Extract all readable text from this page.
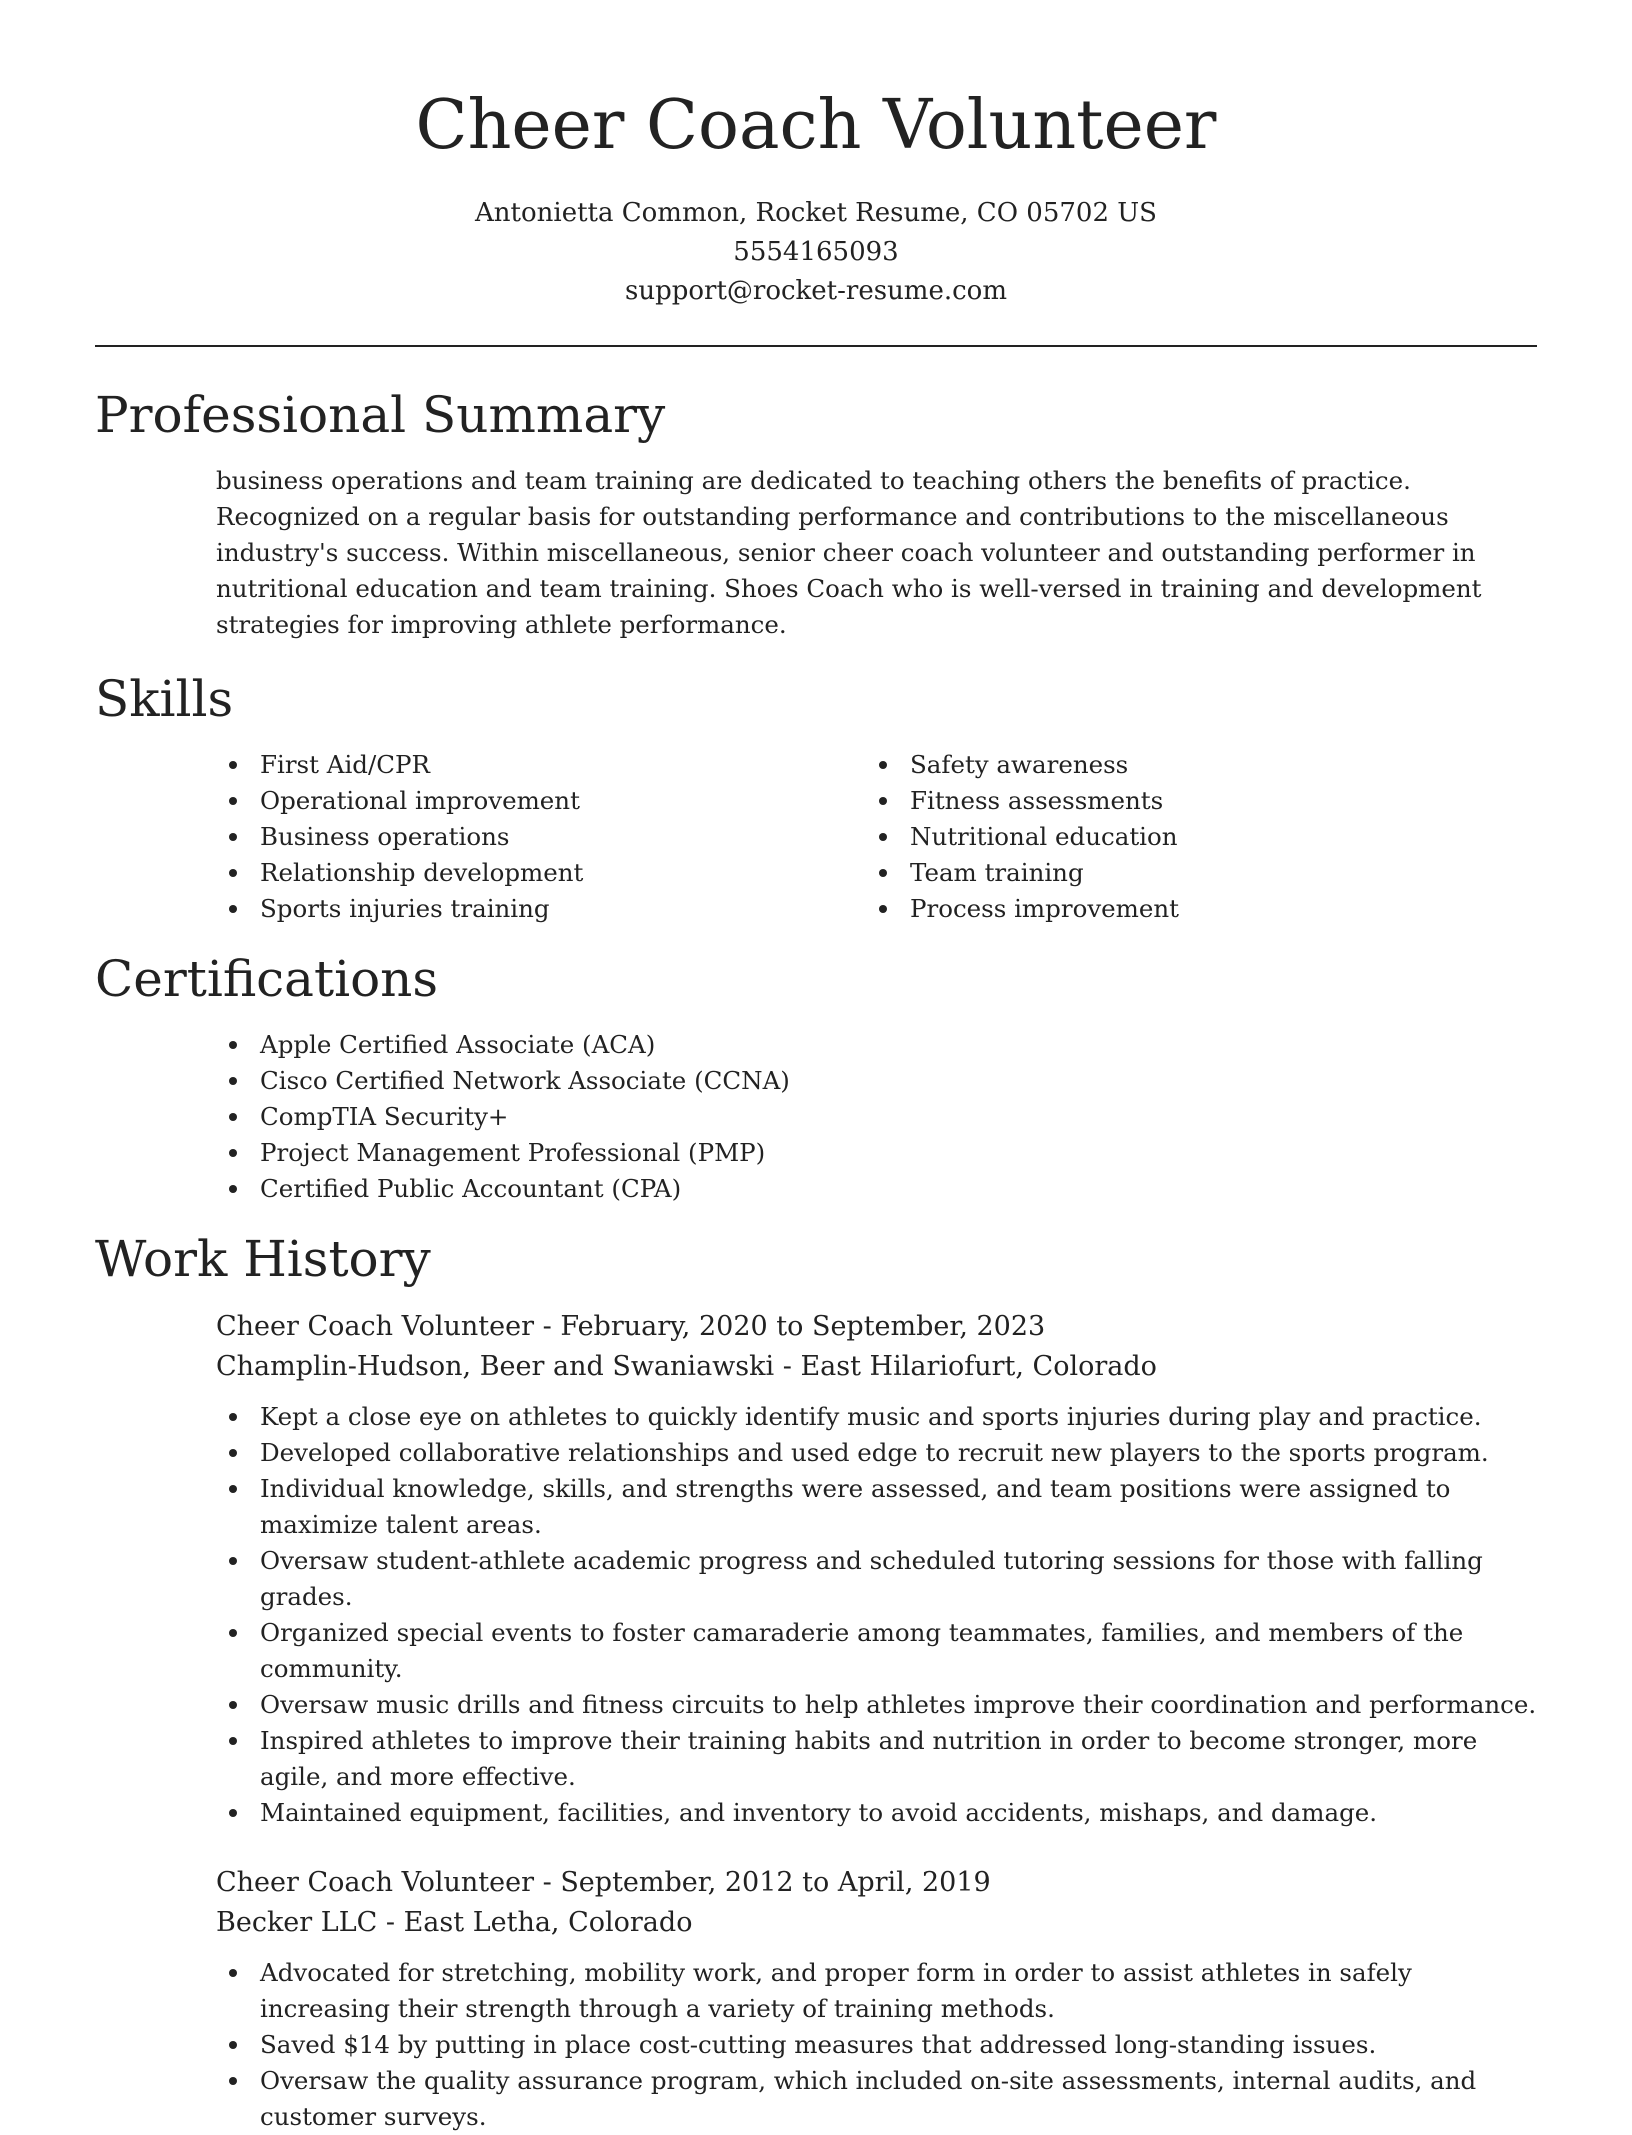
Cheer Coach Volunteer
Antonietta Common, Rocket Resume, CO 05702 US
5554165093
support@rocket-resume.com
Professional Summary
business operations and team training are dedicated to teaching others the benefits of practice. Recognized on a regular basis for outstanding performance and contributions to the miscellaneous industry's success. Within miscellaneous, senior cheer coach volunteer and outstanding performer in nutritional education and team training. Shoes Coach who is well-versed in training and development strategies for improving athlete performance.
Skills
First Aid/CPR
Operational improvement
Business operations
Relationship development
Sports injuries training
Safety awareness
Fitness assessments
Nutritional education
Team training
Process improvement
Certifications
Apple Certified Associate (ACA)
Cisco Certified Network Associate (CCNA)
CompTIA Security+
Project Management Professional (PMP)
Certified Public Accountant (CPA)
Work History
Cheer Coach Volunteer - February, 2020 to September, 2023
Champlin-Hudson, Beer and Swaniawski - East Hilariofurt, Colorado
Kept a close eye on athletes to quickly identify music and sports injuries during play and practice.
Developed collaborative relationships and used edge to recruit new players to the sports program.
Individual knowledge, skills, and strengths were assessed, and team positions were assigned to maximize talent areas.
Oversaw student-athlete academic progress and scheduled tutoring sessions for those with falling grades.
Organized special events to foster camaraderie among teammates, families, and members of the community.
Oversaw music drills and fitness circuits to help athletes improve their coordination and performance.
Inspired athletes to improve their training habits and nutrition in order to become stronger, more agile, and more effective.
Maintained equipment, facilities, and inventory to avoid accidents, mishaps, and damage.
Cheer Coach Volunteer - September, 2012 to April, 2019
Becker LLC - East Letha, Colorado
Advocated for stretching, mobility work, and proper form in order to assist athletes in safely increasing their strength through a variety of training methods.
Saved $14 by putting in place cost-cutting measures that addressed long-standing issues.
Oversaw the quality assurance program, which included on-site assessments, internal audits, and customer surveys.
